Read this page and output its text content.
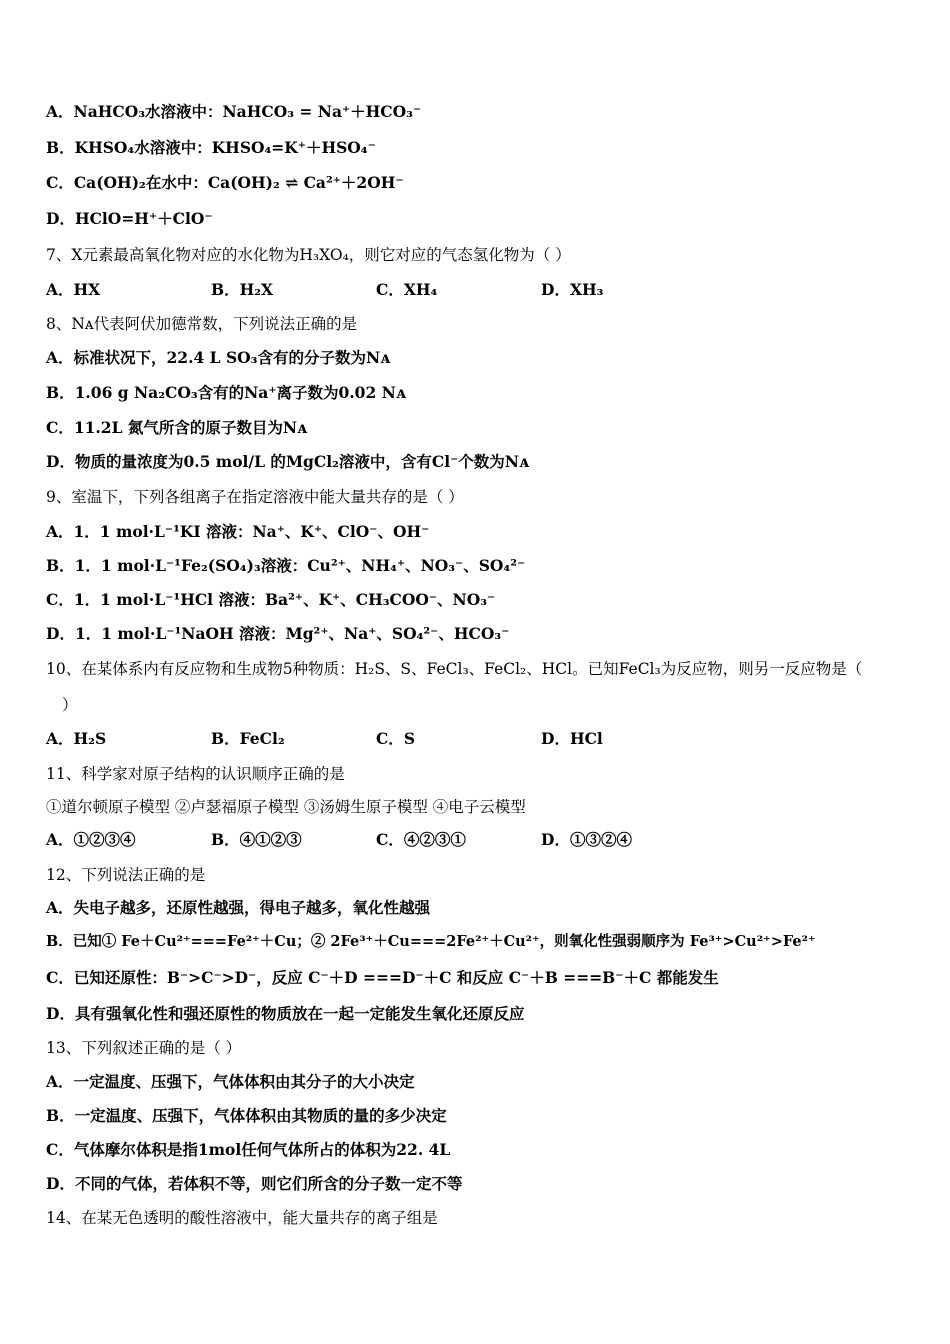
A．NaHCO₃水溶液中：NaHCO₃ = Na⁺＋HCO₃⁻
B．KHSO₄水溶液中：KHSO₄=K⁺＋HSO₄⁻
C．Ca(OH)₂在水中：Ca(OH)₂ ⇌ Ca²⁺＋2OH⁻
D．HClO=H⁺＋ClO⁻
7、X元素最高氧化物对应的水化物为H₃XO₄，则它对应的气态氢化物为（ ）
A．HX	B．H₂X	C．XH₄	D．XH₃
8、Nᴀ代表阿伏加德常数，下列说法正确的是
A．标准状况下，22.4 L SO₃含有的分子数为Nᴀ
B．1.06 g Na₂CO₃含有的Na⁺离子数为0.02 Nᴀ
C．11.2L 氮气所含的原子数目为Nᴀ
D．物质的量浓度为0.5 mol/L 的MgCl₂溶液中，含有Cl⁻个数为Nᴀ
9、室温下，下列各组离子在指定溶液中能大量共存的是（ ）
A．1．1 mol·L⁻¹KI 溶液：Na⁺、K⁺、ClO⁻、OH⁻
B．1．1 mol·L⁻¹Fe₂(SO₄)₃溶液：Cu²⁺、NH₄⁺、NO₃⁻、SO₄²⁻
C．1．1 mol·L⁻¹HCl 溶液：Ba²⁺、K⁺、CH₃COO⁻、NO₃⁻
D．1．1 mol·L⁻¹NaOH 溶液：Mg²⁺、Na⁺、SO₄²⁻、HCO₃⁻
10、在某体系内有反应物和生成物5种物质：H₂S、S、FeCl₃、FeCl₂、HCl。已知FeCl₃为反应物，则另一反应物是（
）
A．H₂S	B．FeCl₂	C．S	D．HCl
11、科学家对原子结构的认识顺序正确的是
①道尔顿原子模型 ②卢瑟福原子模型 ③汤姆生原子模型 ④电子云模型
A．①②③④	B．④①②③	C．④②③①	D．①③②④
12、下列说法正确的是
A．失电子越多，还原性越强，得电子越多，氧化性越强
B．已知① Fe＋Cu²⁺===Fe²⁺＋Cu；② 2Fe³⁺＋Cu===2Fe²⁺＋Cu²⁺，则氧化性强弱顺序为 Fe³⁺>Cu²⁺>Fe²⁺
C．已知还原性：B⁻>C⁻>D⁻，反应 C⁻＋D ===D⁻＋C 和反应 C⁻＋B ===B⁻＋C 都能发生
D．具有强氧化性和强还原性的物质放在一起一定能发生氧化还原反应
13、下列叙述正确的是（ ）
A．一定温度、压强下，气体体积由其分子的大小决定
B．一定温度、压强下，气体体积由其物质的量的多少决定
C．气体摩尔体积是指1mol任何气体所占的体积为22. 4L
D．不同的气体，若体积不等，则它们所含的分子数一定不等
14、在某无色透明的酸性溶液中，能大量共存的离子组是
